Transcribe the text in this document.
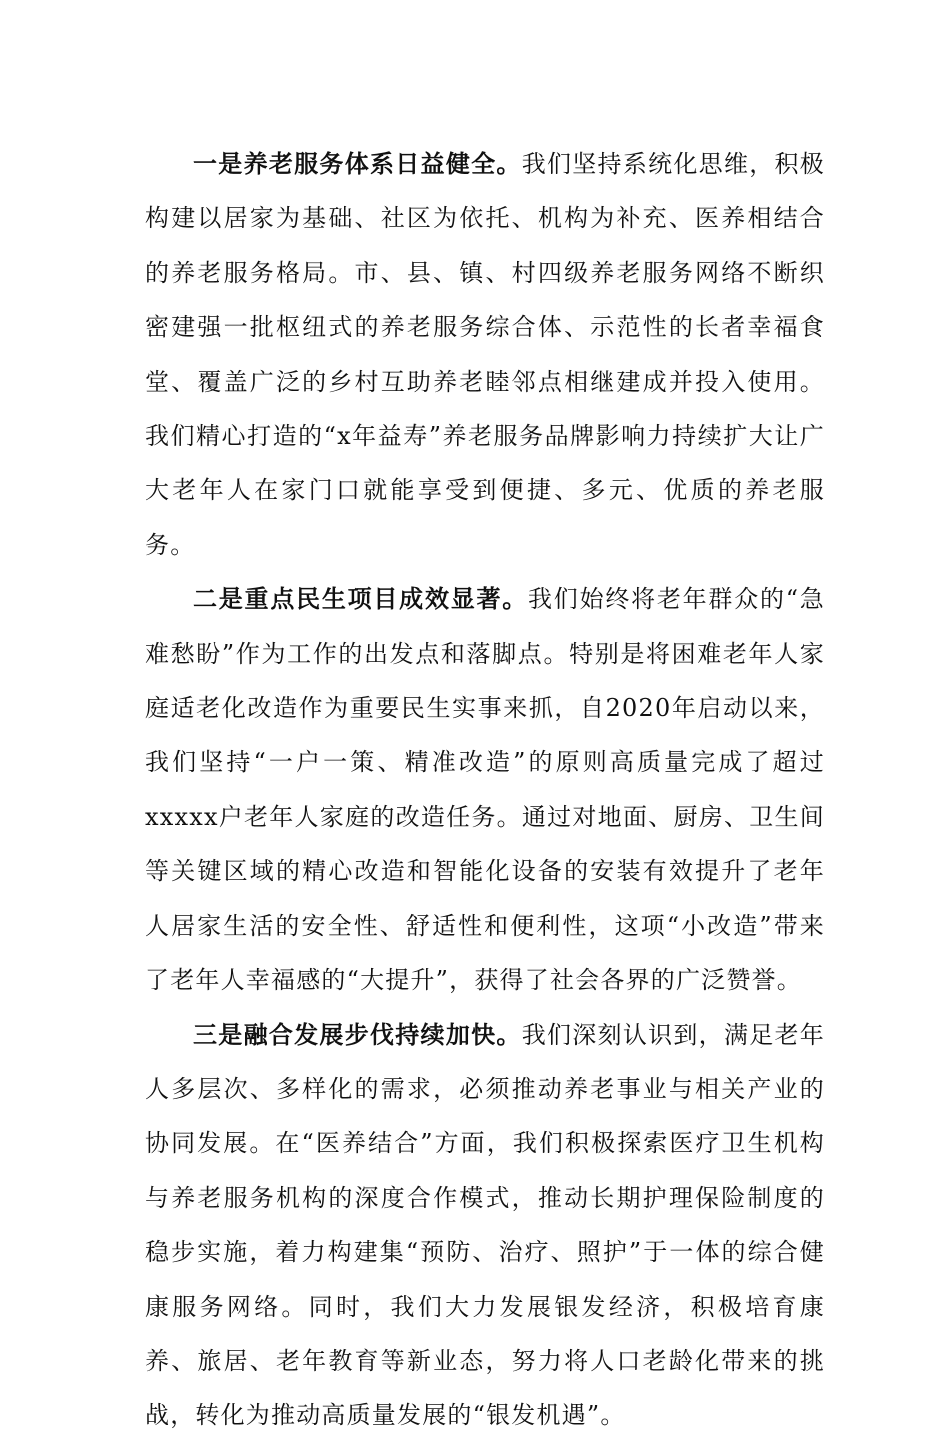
一是养老服务体系日益健全。我们坚持系统化思维，积极构建以居家为基础、社区为依托、机构为补充、医养相结合的养老服务格局。市、县、镇、村四级养老服务网络不断织密建强一批枢纽式的养老服务综合体、示范性的长者幸福食堂、覆盖广泛的乡村互助养老睦邻点相继建成并投入使用。我们精心打造的“x年益寿”养老服务品牌影响力持续扩大让广大老年人在家门口就能享受到便捷、多元、优质的养老服务。

二是重点民生项目成效显著。我们始终将老年群众的“急难愁盼”作为工作的出发点和落脚点。特别是将困难老年人家庭适老化改造作为重要民生实事来抓，自2020年启动以来，我们坚持“一户一策、精准改造”的原则高质量完成了超过xxxxx户老年人家庭的改造任务。通过对地面、厨房、卫生间等关键区域的精心改造和智能化设备的安装有效提升了老年人居家生活的安全性、舒适性和便利性，这项“小改造”带来了老年人幸福感的“大提升”，获得了社会各界的广泛赞誉。

三是融合发展步伐持续加快。我们深刻认识到，满足老年人多层次、多样化的需求，必须推动养老事业与相关产业的协同发展。在“医养结合”方面，我们积极探索医疗卫生机构与养老服务机构的深度合作模式，推动长期护理保险制度的稳步实施，着力构建集“预防、治疗、照护”于一体的综合健康服务网络。同时，我们大力发展银发经济，积极培育康养、旅居、老年教育等新业态，努力将人口老龄化带来的挑战，转化为推动高质量发展的“银发机遇”。
